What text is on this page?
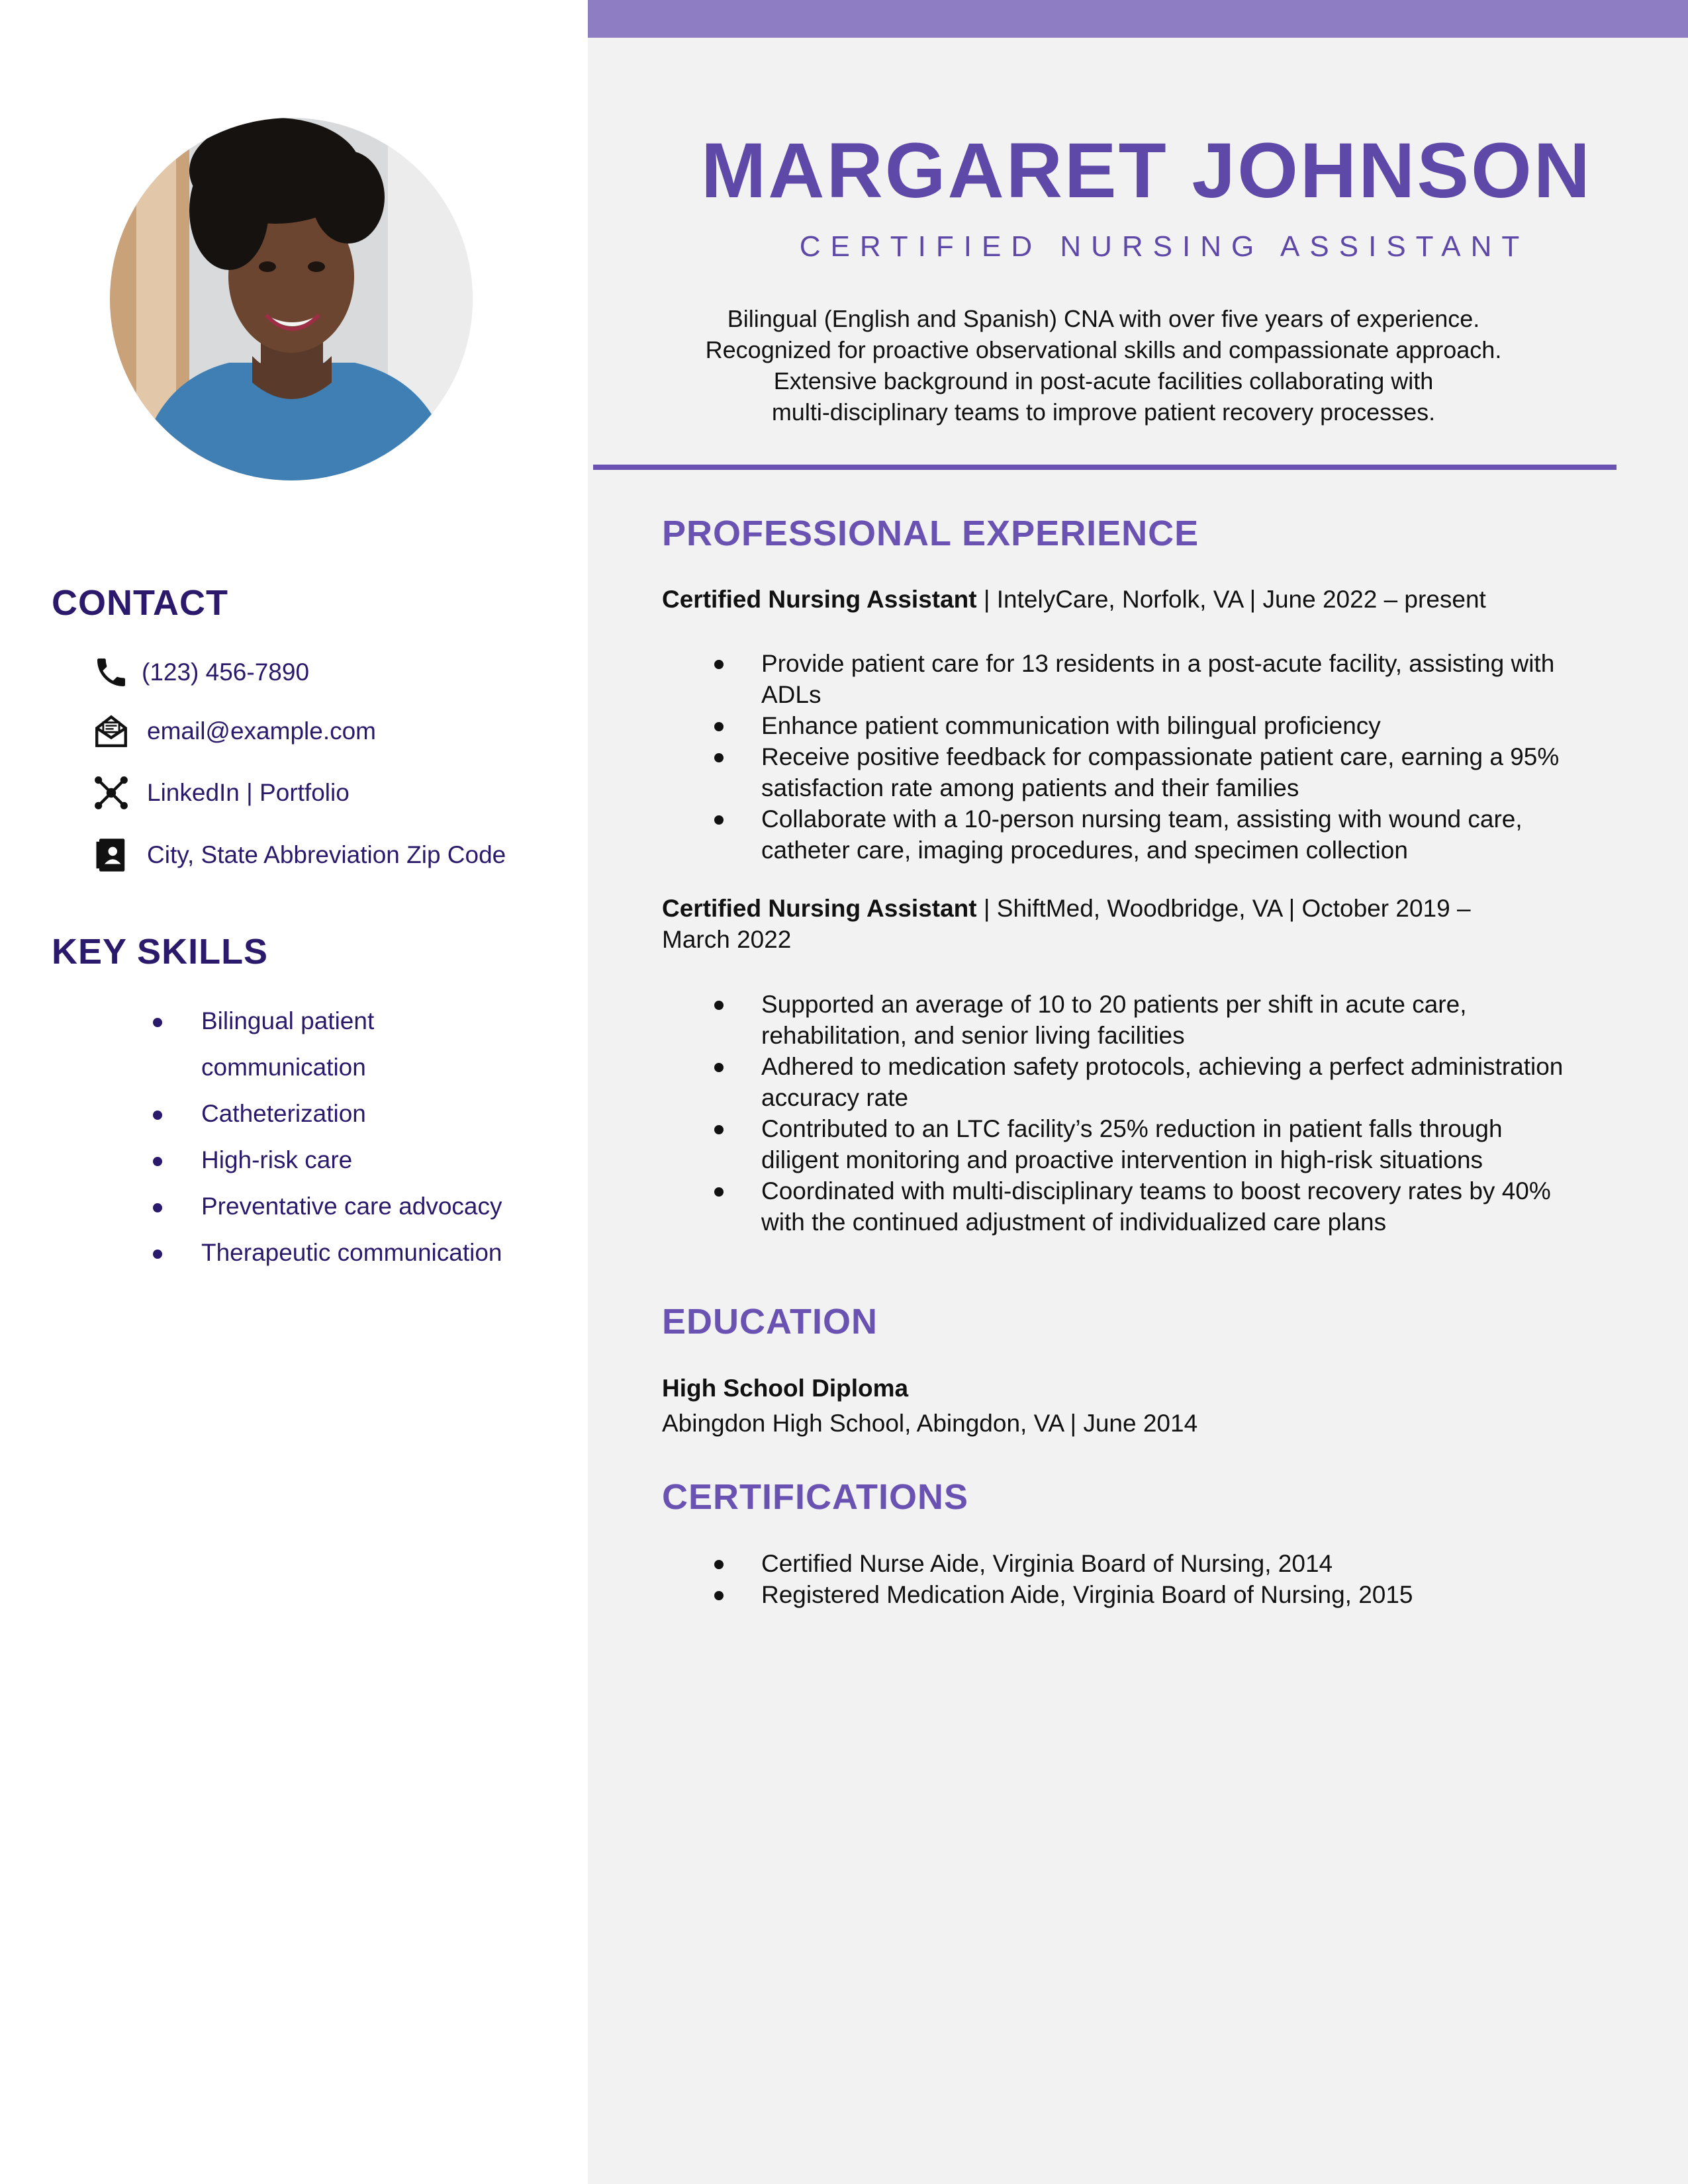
CONTACT
(123) 456-7890
email@example.com
LinkedIn | Portfolio
City, State Abbreviation Zip Code
KEY SKILLS
Bilingual patient communication
Catheterization
High-risk care
Preventative care advocacy
Therapeutic communication
MARGARET JOHNSON

CERTIFIED NURSING ASSISTANT

Bilingual (English and Spanish) CNA with over five years of experience.
Recognized for proactive observational skills and compassionate approach.
Extensive background in post-acute facilities collaborating with
multi-disciplinary teams to improve patient recovery processes.

PROFESSIONAL EXPERIENCE

Certified Nursing Assistant | IntelyCare, Norfolk, VA | June 2022 – present

Provide patient care for 13 residents in a post-acute facility, assisting with ADLs
Enhance patient communication with bilingual proficiency
Receive positive feedback for compassionate patient care, earning a 95% satisfaction rate among patients and their families
Collaborate with a 10-person nursing team, assisting with wound care, catheter care, imaging procedures, and specimen collection

Certified Nursing Assistant | ShiftMed, Woodbridge, VA | October 2019 – March 2022

Supported an average of 10 to 20 patients per shift in acute care, rehabilitation, and senior living facilities
Adhered to medication safety protocols, achieving a perfect administration accuracy rate
Contributed to an LTC facility’s 25% reduction in patient falls through diligent monitoring and proactive intervention in high-risk situations
Coordinated with multi-disciplinary teams to boost recovery rates by 40% with the continued adjustment of individualized care plans
EDUCATION

High School Diploma

Abingdon High School, Abingdon, VA | June 2014

CERTIFICATIONS
Certified Nurse Aide, Virginia Board of Nursing, 2014
Registered Medication Aide, Virginia Board of Nursing, 2015
